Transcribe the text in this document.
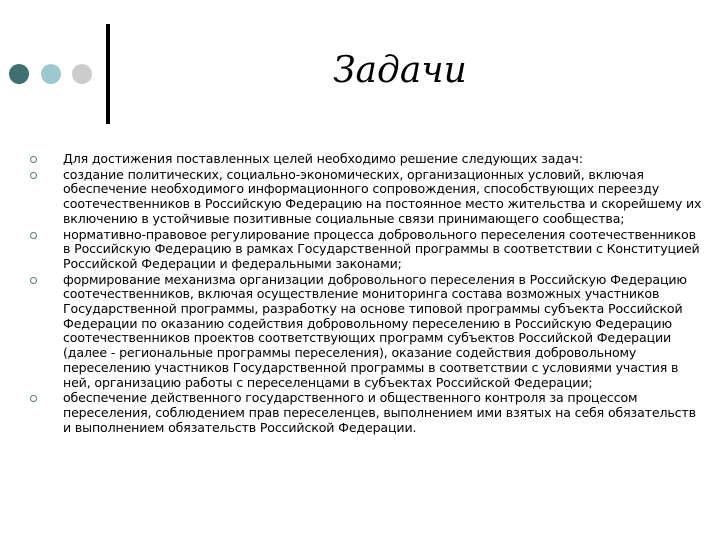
Задачи
Для достижения поставленных целей необходимо решение следующих задач:
создание политических, социально-экономических, организационных условий, включая обеспечение необходимого информационного сопровождения, способствующих переезду соотечественников в Российскую Федерацию на постоянное место жительства и скорейшему их включению в устойчивые позитивные социальные связи принимающего сообщества;
нормативно-правовое регулирование процесса добровольного переселения соотечественников в Российскую Федерацию в рамках Государственной программы в соответствии с Конституцией Российской Федерации и федеральными законами;
формирование механизма организации добровольного переселения в Российскую Федерацию соотечественников, включая осуществление мониторинга состава возможных участников Государственной программы, разработку на основе типовой программы субъекта Российской Федерации по оказанию содействия добровольному переселению в Российскую Федерацию соотечественников проектов соответствующих программ субъектов Российской Федерации (далее - региональные программы переселения), оказание содействия добровольному переселению участников Государственной программы в соответствии с условиями участия в ней, организацию работы с переселенцами в субъектах Российской Федерации;
обеспечение действенного государственного и общественного контроля за процессом переселения, соблюдением прав переселенцев, выполнением ими взятых на себя обязательств и выполнением обязательств Российской Федерации.
